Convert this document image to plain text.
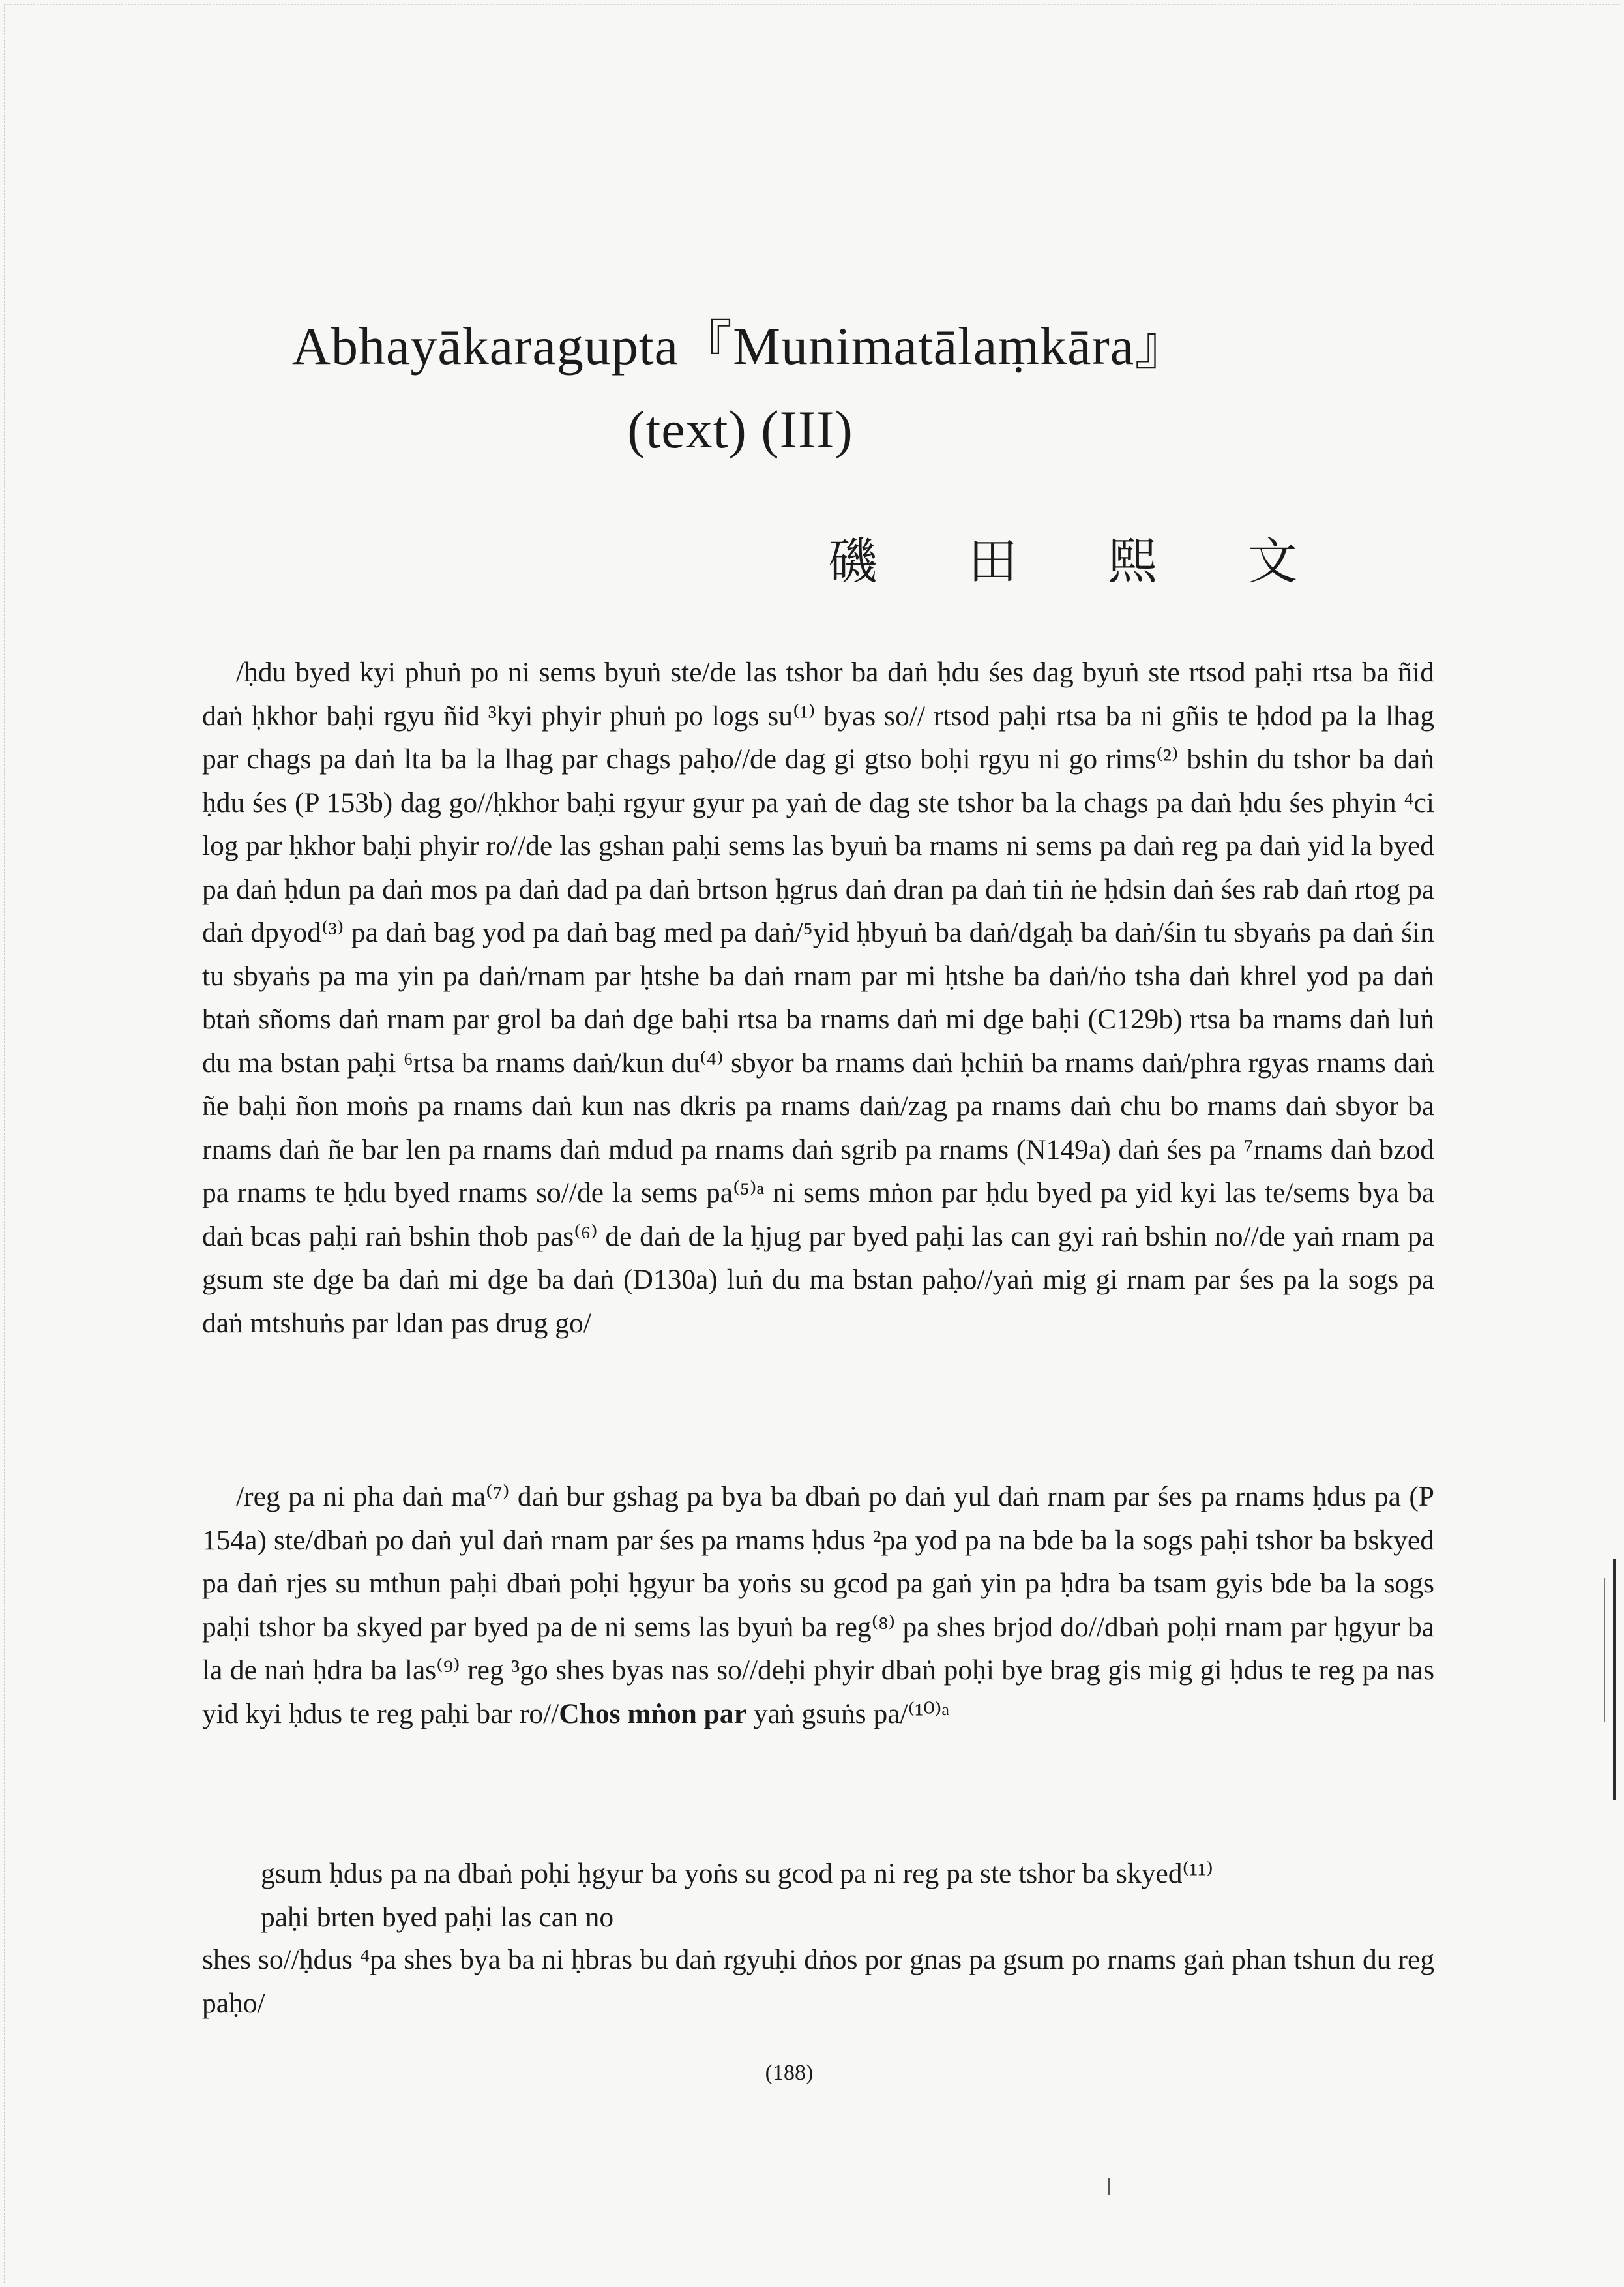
Abhayākaragupta『Munimatālaṃkāra』
(text) (III)
磯 田 熙 文

/ḥdu byed kyi phuṅ po ni sems byuṅ ste/de las tshor ba daṅ ḥdu śes dag byuṅ ste rtsod paḥi rtsa ba ñid daṅ ḥkhor baḥi rgyu ñid ³kyi phyir phuṅ po logs su⁽¹⁾ byas so// rtsod paḥi rtsa ba ni gñis te ḥdod pa la lhag par chags pa daṅ lta ba la lhag par chags paḥo//de dag gi gtso boḥi rgyu ni go rims⁽²⁾ bshin du tshor ba daṅ ḥdu śes (P 153b) dag go//ḥkhor baḥi rgyur gyur pa yaṅ de dag ste tshor ba la chags pa daṅ ḥdu śes phyin ⁴ci log par ḥkhor baḥi phyir ro//de las gshan paḥi sems las byuṅ ba rnams ni sems pa daṅ reg pa daṅ yid la byed pa daṅ ḥdun pa daṅ mos pa daṅ dad pa daṅ brtson ḥgrus daṅ dran pa daṅ tiṅ ṅe ḥdsin daṅ śes rab daṅ rtog pa daṅ dpyod⁽³⁾ pa daṅ bag yod pa daṅ bag med pa daṅ/⁵yid ḥbyuṅ ba daṅ/dgaḥ ba daṅ/śin tu sbyaṅs pa daṅ śin tu sbyaṅs pa ma yin pa daṅ/rnam par ḥtshe ba daṅ rnam par mi ḥtshe ba daṅ/ṅo tsha daṅ khrel yod pa daṅ btaṅ sñoms daṅ rnam par grol ba daṅ dge baḥi rtsa ba rnams daṅ mi dge baḥi (C129b) rtsa ba rnams daṅ luṅ du ma bstan paḥi ⁶rtsa ba rnams daṅ/kun du⁽⁴⁾ sbyor ba rnams daṅ ḥchiṅ ba rnams daṅ/phra rgyas rnams daṅ ñe baḥi ñon moṅs pa rnams daṅ kun nas dkris pa rnams daṅ/zag pa rnams daṅ chu bo rnams daṅ sbyor ba rnams daṅ ñe bar len pa rnams daṅ mdud pa rnams daṅ sgrib pa rnams (N149a) daṅ śes pa ⁷rnams daṅ bzod pa rnams te ḥdu byed rnams so//de la sems pa⁽⁵⁾ᵃ ni sems mṅon par ḥdu byed pa yid kyi las te/sems bya ba daṅ bcas paḥi raṅ bshin thob pas⁽⁶⁾ de daṅ de la ḥjug par byed paḥi las can gyi raṅ bshin no//de yaṅ rnam pa gsum ste dge ba daṅ mi dge ba daṅ (D130a) luṅ du ma bstan paḥo//yaṅ mig gi rnam par śes pa la sogs pa daṅ mtshuṅs par ldan pas drug go/

/reg pa ni pha daṅ ma⁽⁷⁾ daṅ bur gshag pa bya ba dbaṅ po daṅ yul daṅ rnam par śes pa rnams ḥdus pa (P 154a) ste/dbaṅ po daṅ yul daṅ rnam par śes pa rnams ḥdus ²pa yod pa na bde ba la sogs paḥi tshor ba bskyed pa daṅ rjes su mthun paḥi dbaṅ poḥi ḥgyur ba yoṅs su gcod pa gaṅ yin pa ḥdra ba tsam gyis bde ba la sogs paḥi tshor ba skyed par byed pa de ni sems las byuṅ ba reg⁽⁸⁾ pa shes brjod do//dbaṅ poḥi rnam par ḥgyur ba la de naṅ ḥdra ba las⁽⁹⁾ reg ³go shes byas nas so//deḥi phyir dbaṅ poḥi bye brag gis mig gi ḥdus te reg pa nas yid kyi ḥdus te reg paḥi bar ro//Chos mṅon par yaṅ gsuṅs pa/⁽¹⁰⁾ᵃ

gsum ḥdus pa na dbaṅ poḥi ḥgyur ba yoṅs su gcod pa ni reg pa ste tshor ba skyed⁽¹¹⁾

paḥi brten byed paḥi las can no

shes so//ḥdus ⁴pa shes bya ba ni ḥbras bu daṅ rgyuḥi dṅos por gnas pa gsum po rnams gaṅ phan tshun du reg paḥo/

(188)
